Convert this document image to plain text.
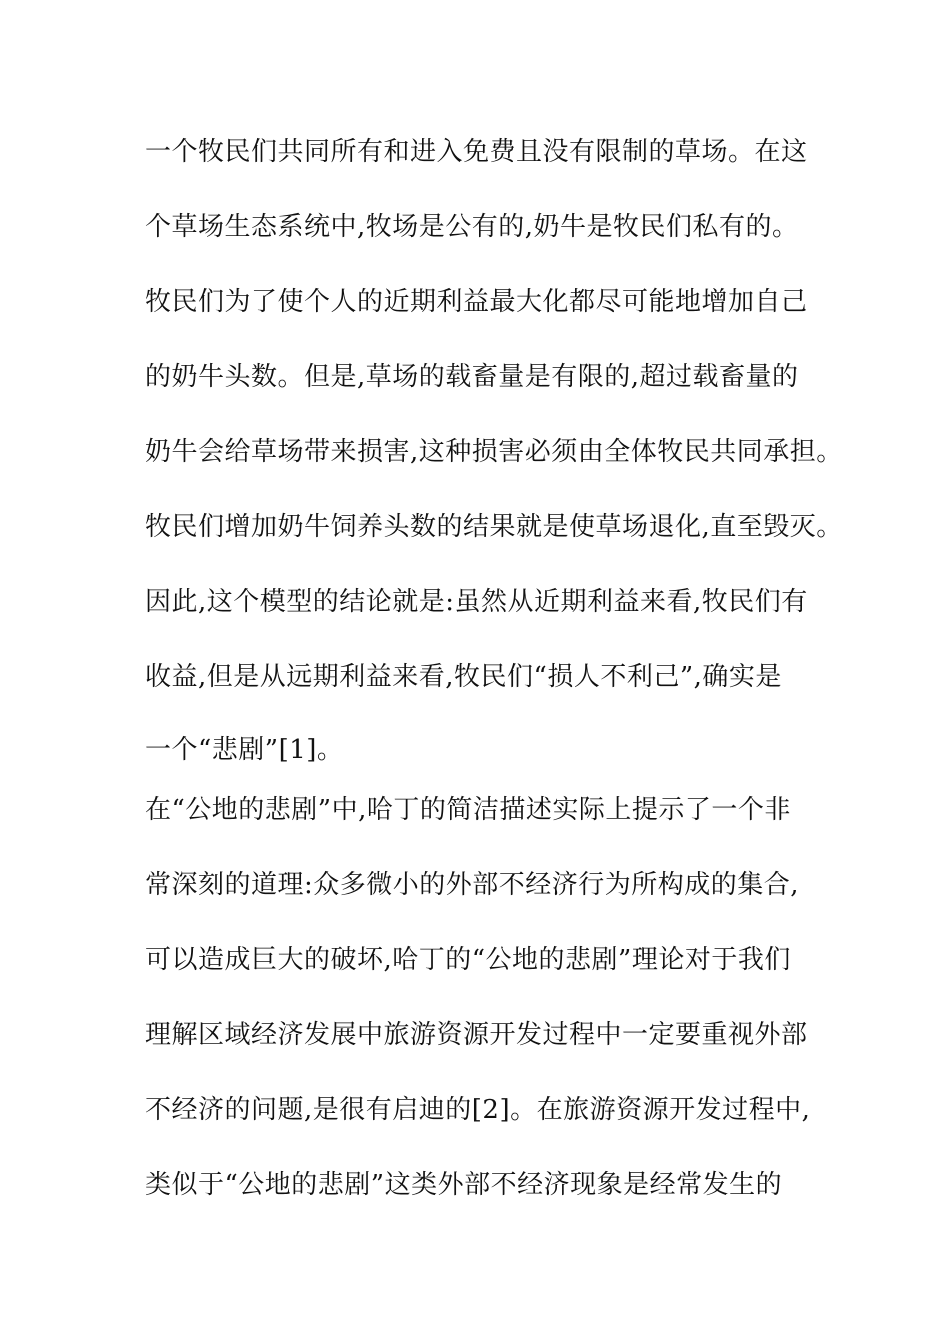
一个牧民们共同所有和进入免费且没有限制的草场。在这
个草场生态系统中,牧场是公有的,奶牛是牧民们私有的。
牧民们为了使个人的近期利益最大化都尽可能地增加自己
的奶牛头数。但是,草场的载畜量是有限的,超过载畜量的
奶牛会给草场带来损害,这种损害必须由全体牧民共同承担。
牧民们增加奶牛饲养头数的结果就是使草场退化,直至毁灭。
因此,这个模型的结论就是:虽然从近期利益来看,牧民们有
收益,但是从远期利益来看,牧民们“损人不利己”,确实是
一个“悲剧”[1]。
在“公地的悲剧”中,哈丁的简洁描述实际上提示了一个非
常深刻的道理:众多微小的外部不经济行为所构成的集合,
可以造成巨大的破坏,哈丁的“公地的悲剧”理论对于我们
理解区域经济发展中旅游资源开发过程中一定要重视外部
不经济的问题,是很有启迪的[2]。在旅游资源开发过程中,
类似于“公地的悲剧”这类外部不经济现象是经常发生的
